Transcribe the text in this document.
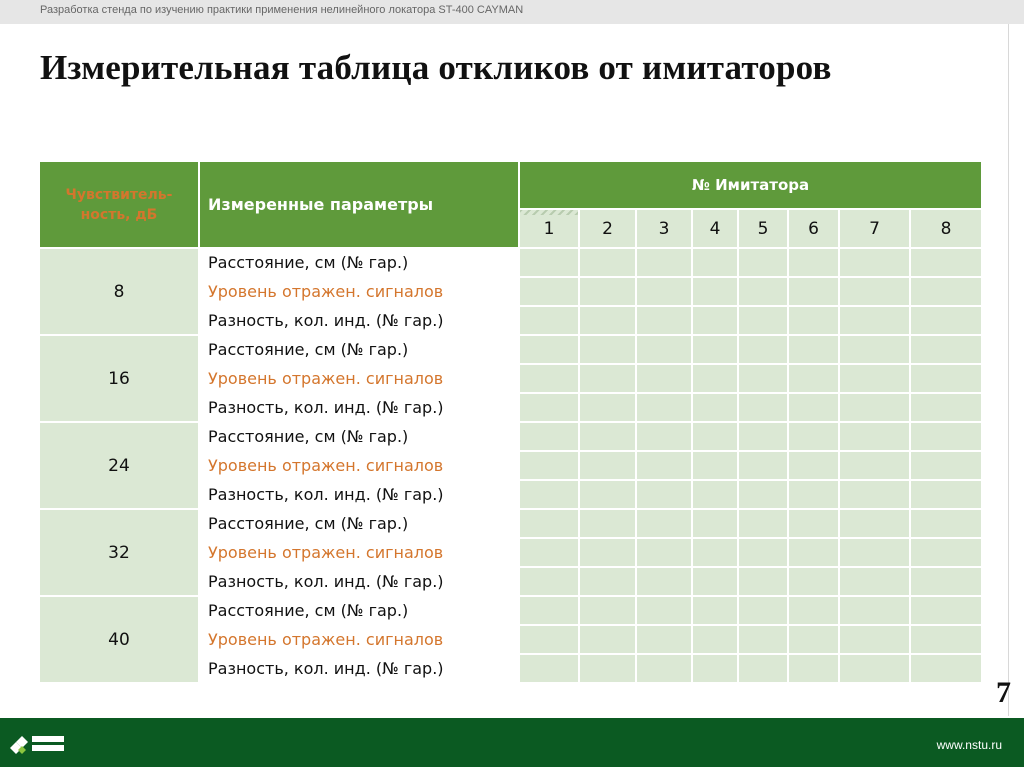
Разработка стенда по изучению практики применения нелинейного локатора ST-400 CAYMAN
Измерительная таблица откликов от имитаторов
Чувствитель-
ность, дБ	Измеренные параметры	№ Имитатора							
		1	2	3	4	5	6	7	8
8	Расстояние, см (№ гар.)								
	Уровень отражен. сигналов								
	Разность, кол. инд. (№ гар.)								
16	Расстояние, см (№ гар.)								
	Уровень отражен. сигналов								
	Разность, кол. инд. (№ гар.)								
24	Расстояние, см (№ гар.)								
	Уровень отражен. сигналов								
	Разность, кол. инд. (№ гар.)								
32	Расстояние, см (№ гар.)								
	Уровень отражен. сигналов								
	Разность, кол. инд. (№ гар.)								
40	Расстояние, см (№ гар.)								
	Уровень отражен. сигналов								
	Разность, кол. инд. (№ гар.)								
7
www.nstu.ru
